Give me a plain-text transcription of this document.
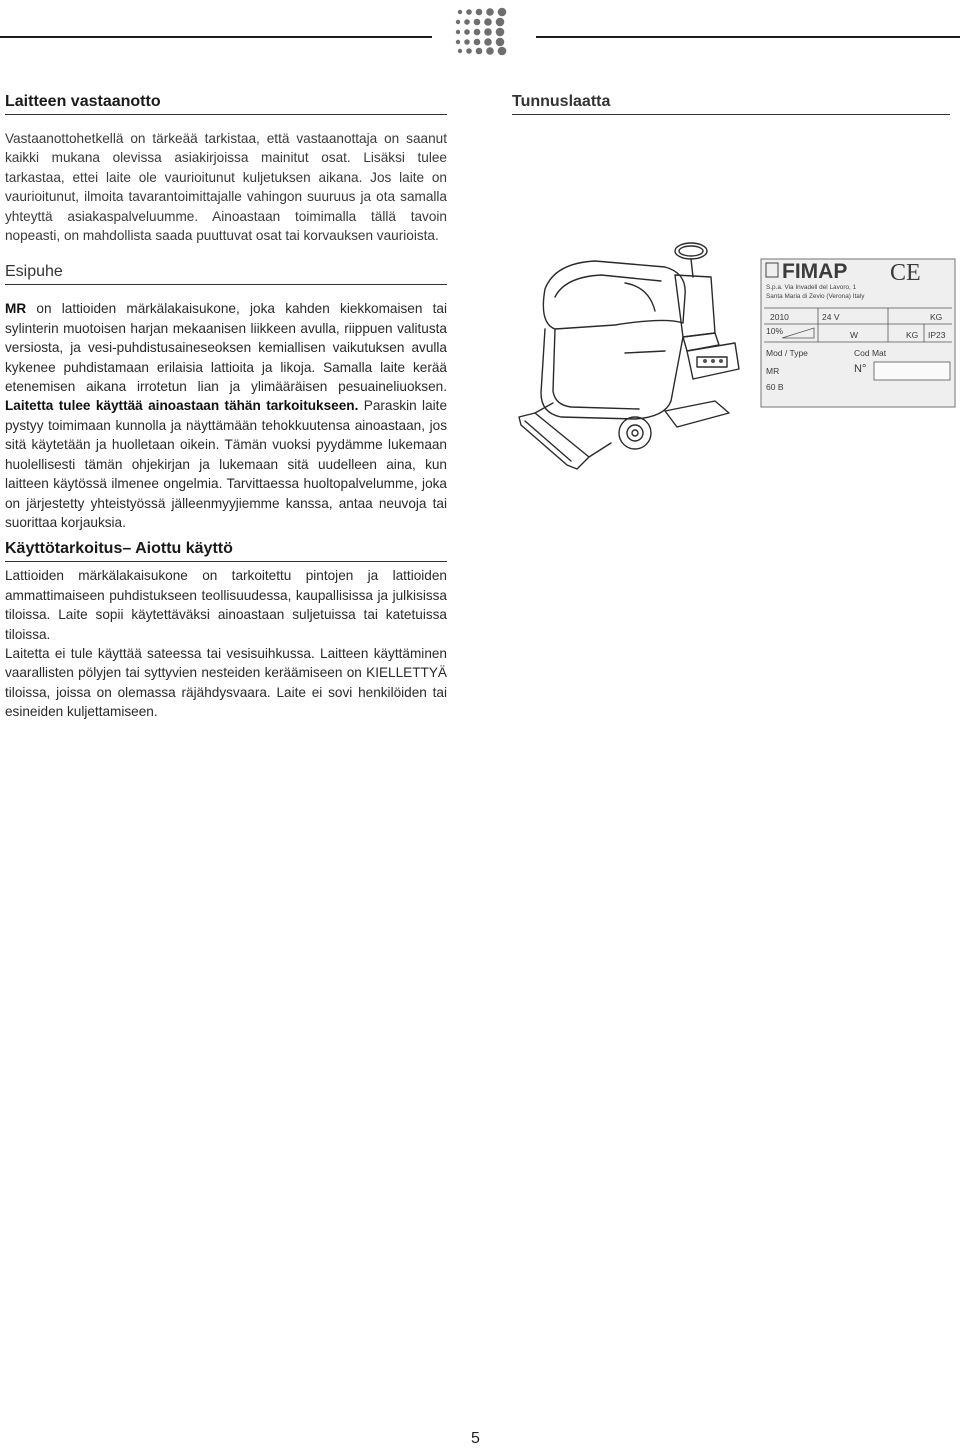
Laitteen vastaanotto

Vastaanottohetkellä on tärkeää tarkistaa, että vastaanottaja on saanut kaikki mukana olevissa asiakirjoissa mainitut osat. Lisäksi tulee tarkastaa, ettei laite ole vaurioitunut kuljetuksen aikana. Jos laite on vaurioitunut, ilmoita tavarantoimittajalle vahingon suuruus ja ota samalla yhteyttä asiakaspalveluumme. Ainoastaan toimimalla tällä tavoin nopeasti, on mahdollista saada puuttuvat osat tai korvauksen vaurioista.

Esipuhe

MR on lattioiden märkälakaisukone, joka kahden kiekkomaisen tai sylinterin muotoisen harjan mekaanisen liikkeen avulla, riippuen valitusta versiosta, ja vesi-puhdistusaineseoksen kemiallisen vaikutuksen avulla kykenee puhdistamaan erilaisia lattioita ja likoja. Samalla laite kerää etenemisen aikana irrotetun lian ja ylimääräisen pesuaineliuoksen. Laitetta tulee käyttää ainoastaan tähän tarkoitukseen. Paraskin laite pystyy toimimaan kunnolla ja näyttämään tehokkuutensa ainoastaan, jos sitä käytetään ja huolletaan oikein. Tämän vuoksi pyydämme lukemaan huolellisesti tämän ohjekirjan ja lukemaan sitä uudelleen aina, kun laitteen käytössä ilmenee ongelmia. Tarvittaessa huoltopalvelumme, joka on järjestetty yhteistyössä jälleenmyyjiemme kanssa, antaa neuvoja tai suorittaa korjauksia.

Käyttötarkoitus– Aiottu käyttö

Lattioiden märkälakaisukone on tarkoitettu pintojen ja lattioiden ammattimaiseen puhdistukseen teollisuudessa, kaupallisissa ja julkisissa tiloissa. Laite sopii käytettäväksi ainoastaan suljetuissa tai katetuissa tiloissa.

Laitetta ei tule käyttää sateessa tai vesisuihkussa. Laitteen käyttäminen vaarallisten pölyjen tai syttyvien nesteiden keräämiseen on KIELLETTYÄ tiloissa, joissa on olemassa räjähdysvaara. Laite ei sovi henkilöiden tai esineiden kuljettamiseen.

Tunnuslaatta
FIMAP CE
S.p.a. Via Invadell del Lavoro, 1
Santa Maria di Zevio (Verona) Italy
2010	24 V	KG
10%	W	KG IP23
Mod / Type	Cod Mat
MR	N°
60 B
5
